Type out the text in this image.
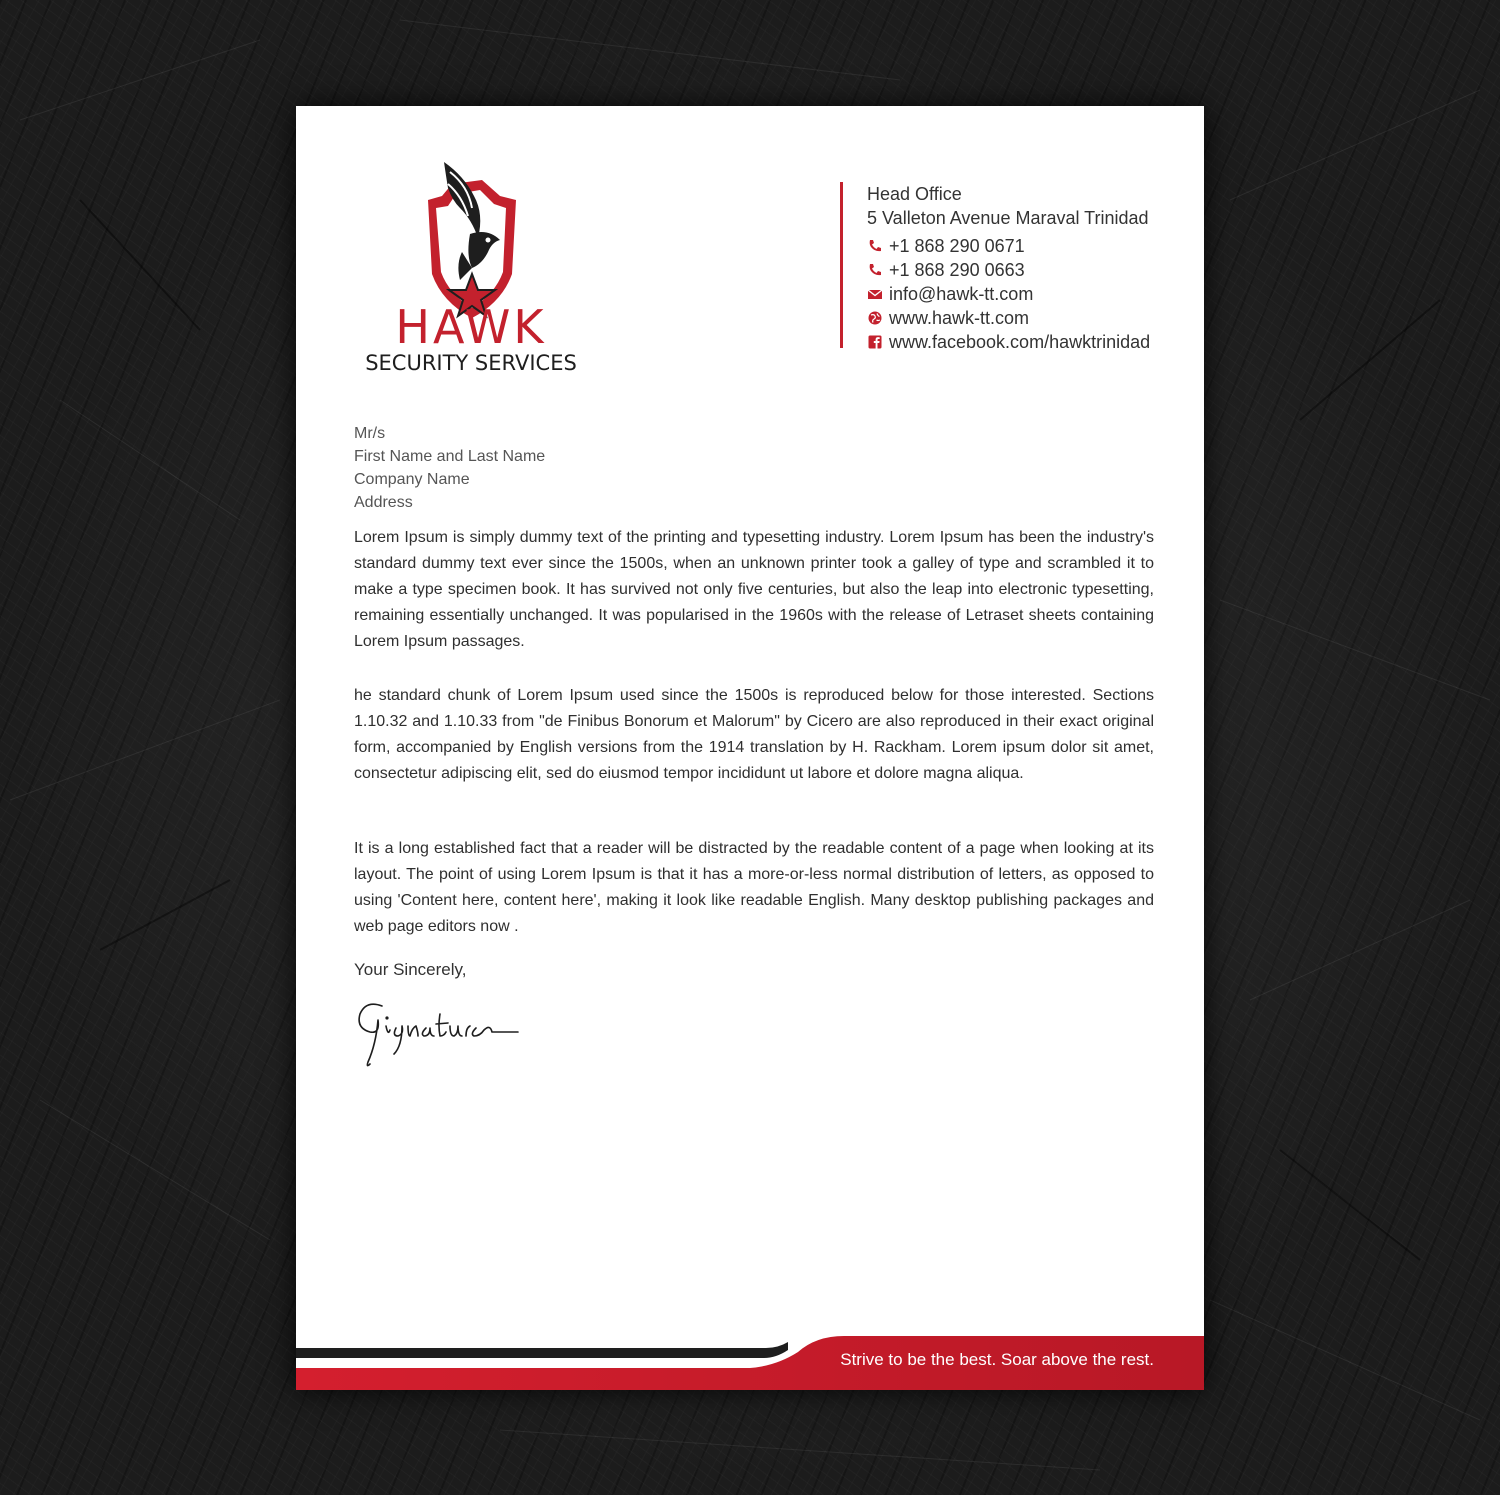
HAWK
SECURITY SERVICES
Head Office
5 Valleton Avenue Maraval Trinidad
+1 868 290 0671
+1 868 290 0663
info@hawk-tt.com
www.hawk-tt.com
www.facebook.com/hawktrinidad
Mr/s
First Name and Last Name
Company Name
Address

Lorem Ipsum is simply dummy text of the printing and typesetting industry. Lorem Ipsum has been the industry's standard dummy text ever since the 1500s, when an unknown printer took a galley of type and scrambled it to make a type specimen book. It has survived not only five centuries, but also the leap into electronic typesetting, remaining essentially unchanged. It was popularised in the 1960s with the release of Letraset sheets containing Lorem Ipsum passages.

he standard chunk of Lorem Ipsum used since the 1500s is reproduced below for those interested. Sections 1.10.32 and 1.10.33 from "de Finibus Bonorum et Malorum" by Cicero are also reproduced in their exact original form, accompanied by English versions from the 1914 translation by H. Rackham. Lorem ipsum dolor sit amet, consectetur adipiscing elit, sed do eiusmod tempor incididunt ut labore et dolore magna aliqua.

It is a long established fact that a reader will be distracted by the readable content of a page when looking at its layout. The point of using Lorem Ipsum is that it has a more-or-less normal distribution of letters, as opposed to using 'Content here, content here', making it look like readable English. Many desktop publishing packages and web page editors now .

Your Sincerely,
Strive to be the best. Soar above the rest.
